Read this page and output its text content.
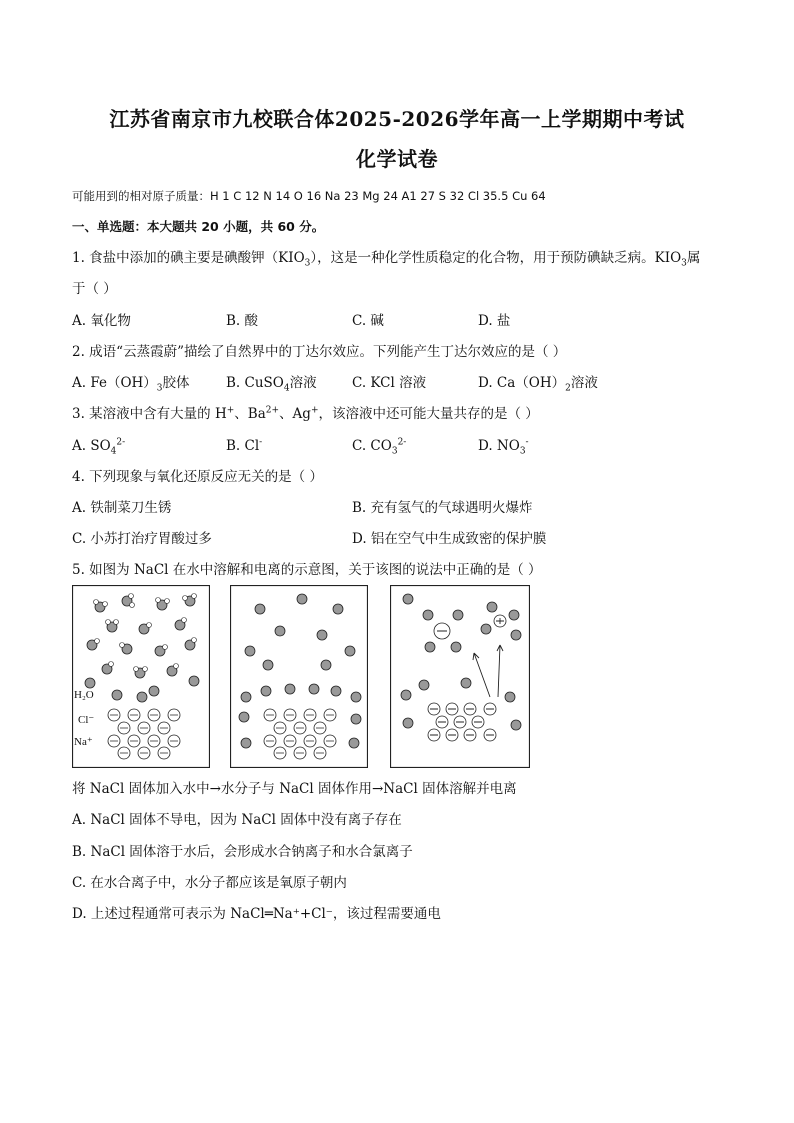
江苏省南京市九校联合体2025-2026学年高一上学期期中考试
化学试卷
可能用到的相对原子质量：H 1 C 12 N 14 O 16 Na 23 Mg 24 A1 27 S 32 Cl 35.5 Cu 64
一、单选题：本大题共 20 小题，共 60 分。
1. 食盐中添加的碘主要是碘酸钾$(KIO_3)$，这是一种化学性质稳定的化合物，用于预防碘缺乏病。$KIO_3$属
于（ ）
A. 氧化物	B. 酸	C. 碱	D. 盐
2. 成语“云蒸霞蔚”描绘了自然界中的丁达尔效应。下列能产生丁达尔效应的是（ ）
A. $Fe(OH)_3$胶体	B. CuSO$_4$溶液	C. KCl 溶液	D. $Ca(OH)_2$溶液
3. 某溶液中含有大量的 H+、$Ba^{2+}$、Ag+，该溶液中还可能大量共存的是（ ）
A. $SO_4^{2-}$	B. Cl-	C. $CO_3^{2-}$	D. $NO_3^-$
4. 下列现象与氧化还原反应无关的是（ ）
A. 铁制菜刀生锈	B. 充有氢气的气球遇明火爆炸
C. 小苏打治疗胃酸过多	D. 铝在空气中生成致密的保护膜
5. 如图为 NaCl 在水中溶解和电离的示意图，关于该图的说法中正确的是（ ）
H₂O
Cl⁻
Na⁺
将 NaCl 固体加入水中→水分子与 NaCl 固体作用→NaCl 固体溶解并电离
A. NaCl 固体不导电，因为 NaCl 固体中没有离子存在
B. NaCl 固体溶于水后，会形成水合钠离子和水合氯离子
C. 在水合离子中，水分子都应该是氧原子朝内
D. 上述过程通常可表示为 NaCl═Na⁺+Cl⁻，该过程需要通电
